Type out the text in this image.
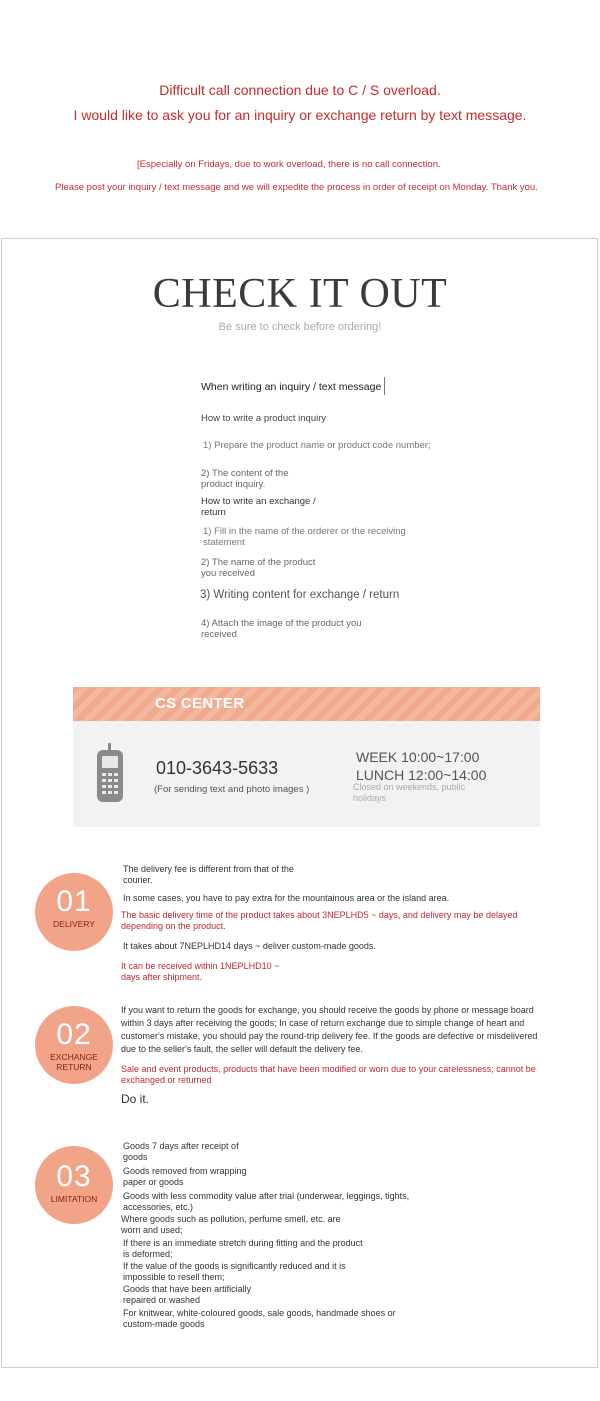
Difficult call connection due to C / S overload.
I would like to ask you for an inquiry or exchange return by text message.
[Especially on Fridays, due to work overload, there is no call connection.
Please post your inquiry / text message and we will expedite the process in order of receipt on Monday. Thank you.
CHECK IT OUT
Be sure to check before ordering!
When writing an inquiry / text message
How to write a product inquiry
1) Prepare the product name or product code number;
2) The content of the product inquiry.
How to write an exchange / return
1) Fill in the name of the orderer or the receiving statement
2) The name of the product you received
3) Writing content for exchange / return
4) Attach the image of the product you received
CS CENTER
010-3643-5633
(For sending text and photo images )
WEEK 10:00~17:00
LUNCH 12:00~14:00
Closed on weekends, public holidays
01
DELIVERY
The delivery fee is different from that of the courier.
In some cases, you have to pay extra for the mountainous area or the island area.
The basic delivery time of the product takes about 3NEPLHD5 ~ days, and delivery may be delayed depending on the product.
It takes about 7NEPLHD14 days ~ deliver custom-made goods.
It can be received within 1NEPLHD10 ~ days after shipment.
02
EXCHANGE
RETURN
If you want to return the goods for exchange, you should receive the goods by phone or message board within 3 days after receiving the goods; In case of return exchange due to simple change of heart and customer's mistake, you should pay the round-trip delivery fee. If the goods are defective or misdelivered due to the seller's fault, the seller will default the delivery fee.
Sale and event products, products that have been modified or worn due to your carelessness; cannot be exchanged or returned
Do it.
03
LIMITATION
Goods 7 days after receipt of goods
Goods removed from wrapping paper or goods
Goods with less commodity value after trial (underwear, leggings, tights, accessories, etc.)
Where goods such as pollution, perfume smell, etc. are worn and used;
If there is an immediate stretch during fitting and the product is deformed;
If the value of the goods is significantly reduced and it is impossible to resell them;
Goods that have been artificially repaired or washed
For knitwear, white-coloured goods, sale goods, handmade shoes or custom-made goods
